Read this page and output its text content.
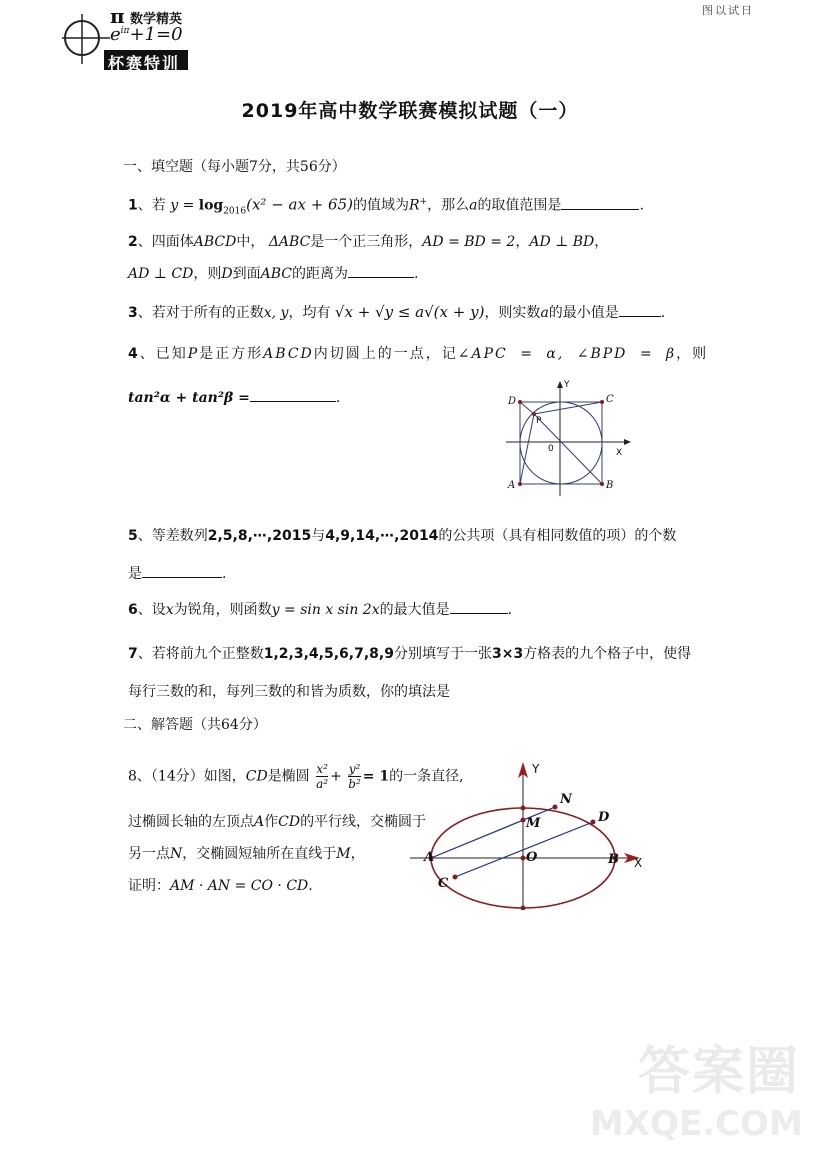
π 数学精英
$e^{i\pi}+1=0$
杯赛特训
图以试日
2019年高中数学联赛模拟试题（一）
一、填空题（每小题7分，共56分）
1、若 $y = \log_{2016}(x^2$ − ax + 65)的值域为R+，那么a的取值范围是	.
2、四面体ABCD中， ΔABC是一个正三角形，AD = BD = 2，AD ⊥ BD，
AD ⊥ CD，则D到面ABC的距离为	.
3、若对于所有的正数x, y，均有 √x + √y ≤ a√(x + y)，则实数a的最小值是	.
4、已知P是正方形ABCD内切圆上的一点，记∠APC = α, ∠BPD = β，则
tan²α + tan²β =	.
Y
X
0
D	C
A	B
P
5、等差数列2,5,8,⋯,2015与4,9,14,⋯,2014的公共项（具有相同数值的项）的个数
是	.
6、设x为锐角，则函数y = sin x sin 2x的最大值是	.
7、若将前九个正整数1,2,3,4,5,6,7,8,9分别填写于一张3×3方格表的九个格子中，使得
每行三数的和，每列三数的和皆为质数，你的填法是
二、解答题（共64分）
8、（14分）如图，CD是椭圆 $\frac{\text{x²}}{\text{a²}} + \frac{\text{y²}}{\text{b²}} = 1$的一条直径,
过椭圆长轴的左顶点A作CD的平行线，交椭圆于
另一点N，交椭圆短轴所在直线于M，
证明：AM · AN = CO · CD.
Y
X
O
A	B
C
D
M
N
答案圈
MXQE.COM
